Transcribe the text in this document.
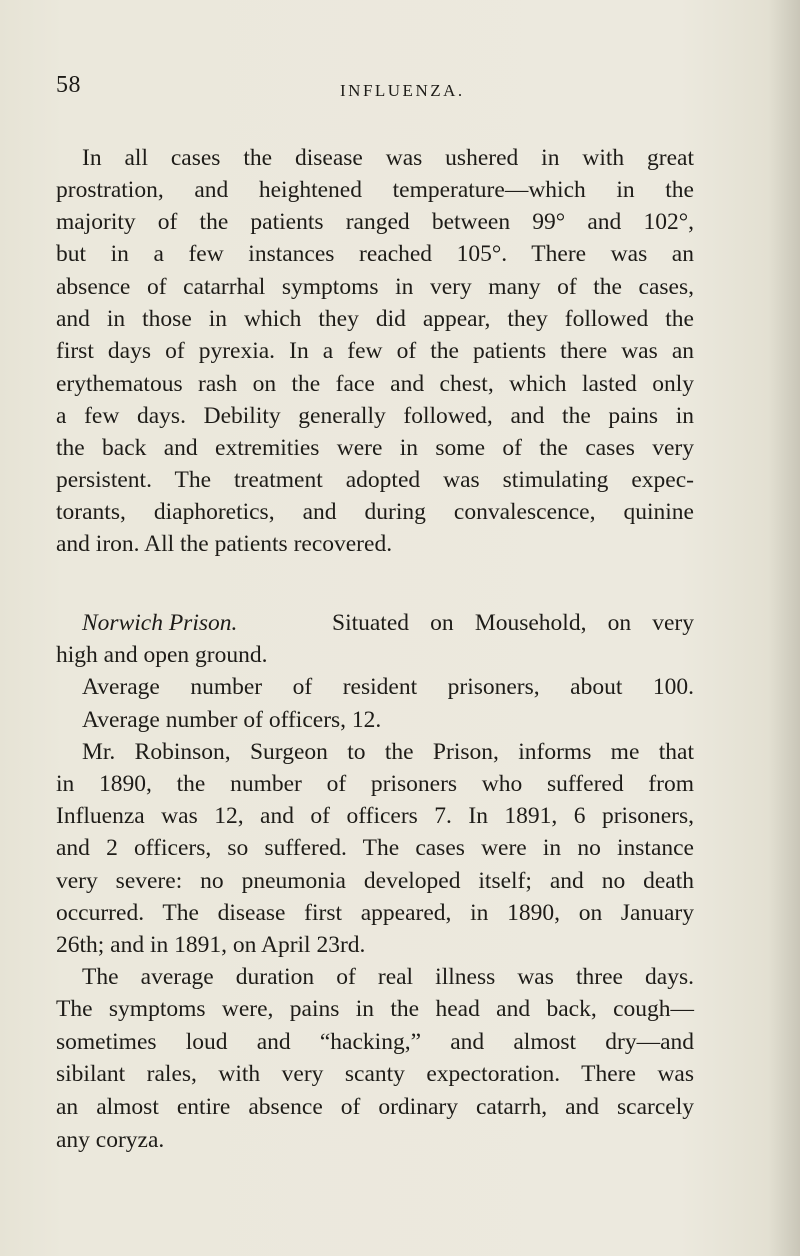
58	INFLUENZA.
In all cases the disease was ushered in with great
prostration, and heightened temperature—which in the
majority of the patients ranged between 99° and 102°,
but in a few instances reached 105°. There was an
absence of catarrhal symptoms in very many of the cases,
and in those in which they did appear, they followed the
first days of pyrexia. In a few of the patients there was an
erythematous rash on the face and chest, which lasted only
a few days. Debility generally followed, and the pains in
the back and extremities were in some of the cases very
persistent. The treatment adopted was stimulating expec-
torants, diaphoretics, and during convalescence, quinine
and iron. All the patients recovered.
Norwich Prison.	Situated on Mousehold, on very
high and open ground.
Average number of resident prisoners, about 100.
Average number of officers, 12.
Mr. Robinson, Surgeon to the Prison, informs me that
in 1890, the number of prisoners who suffered from
Influenza was 12, and of officers 7. In 1891, 6 prisoners,
and 2 officers, so suffered. The cases were in no instance
very severe: no pneumonia developed itself; and no death
occurred. The disease first appeared, in 1890, on January
26th; and in 1891, on April 23rd.
The average duration of real illness was three days.
The symptoms were, pains in the head and back, cough—
sometimes loud and “hacking,” and almost dry—and
sibilant rales, with very scanty expectoration. There was
an almost entire absence of ordinary catarrh, and scarcely
any coryza.
